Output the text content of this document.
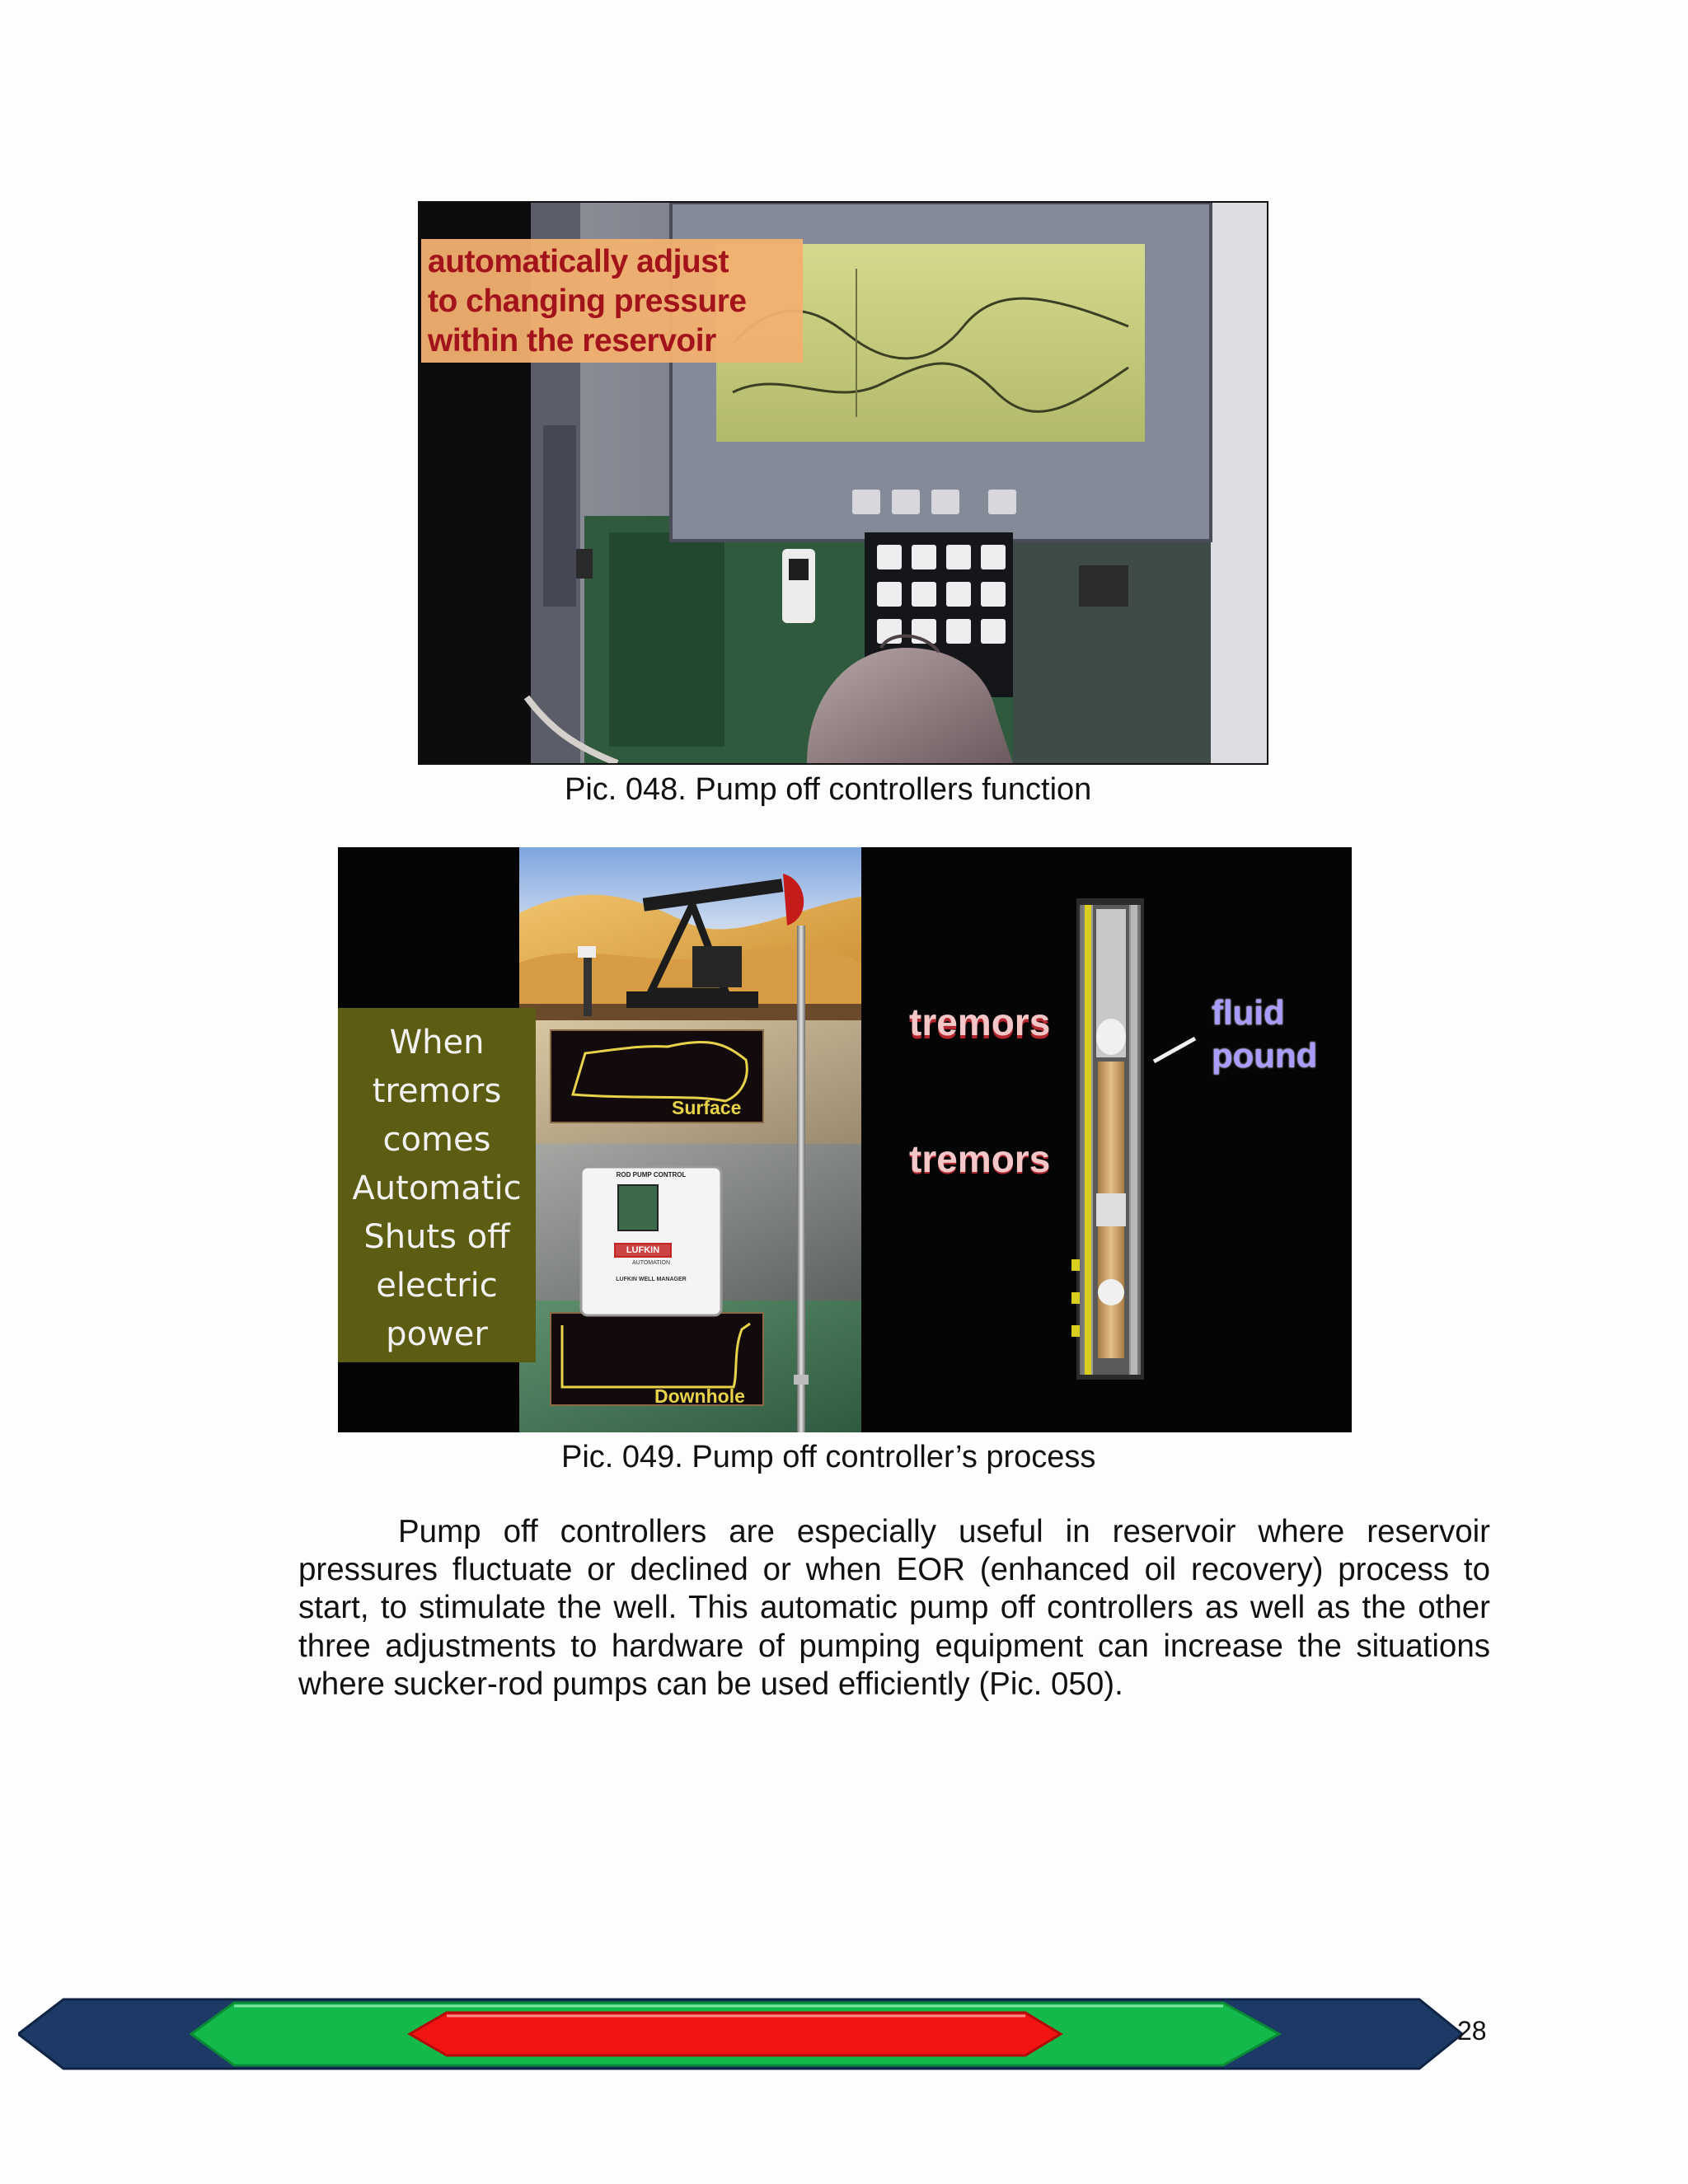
automatically adjust
to changing pressure
within the reservoir
Pic. 048. Pump off controllers function
When
tremors
comes
Automatic
Shuts off
electric
power
Surface
Downhole
ROD PUMP CONTROL
LUFKIN
AUTOMATION
LUFKIN WELL MANAGER
tremors
tremors
fluid
pound
Pic. 049. Pump off controller’s process

Pump off controllers are especially useful in reservoir where reservoir pressures fluctuate or declined or when EOR (enhanced oil recovery) process to start, to stimulate the well. This automatic pump off controllers as well as the other three adjustments to hardware of pumping equipment can increase the situations where sucker-rod pumps can be used efficiently (Pic. 050).

28
